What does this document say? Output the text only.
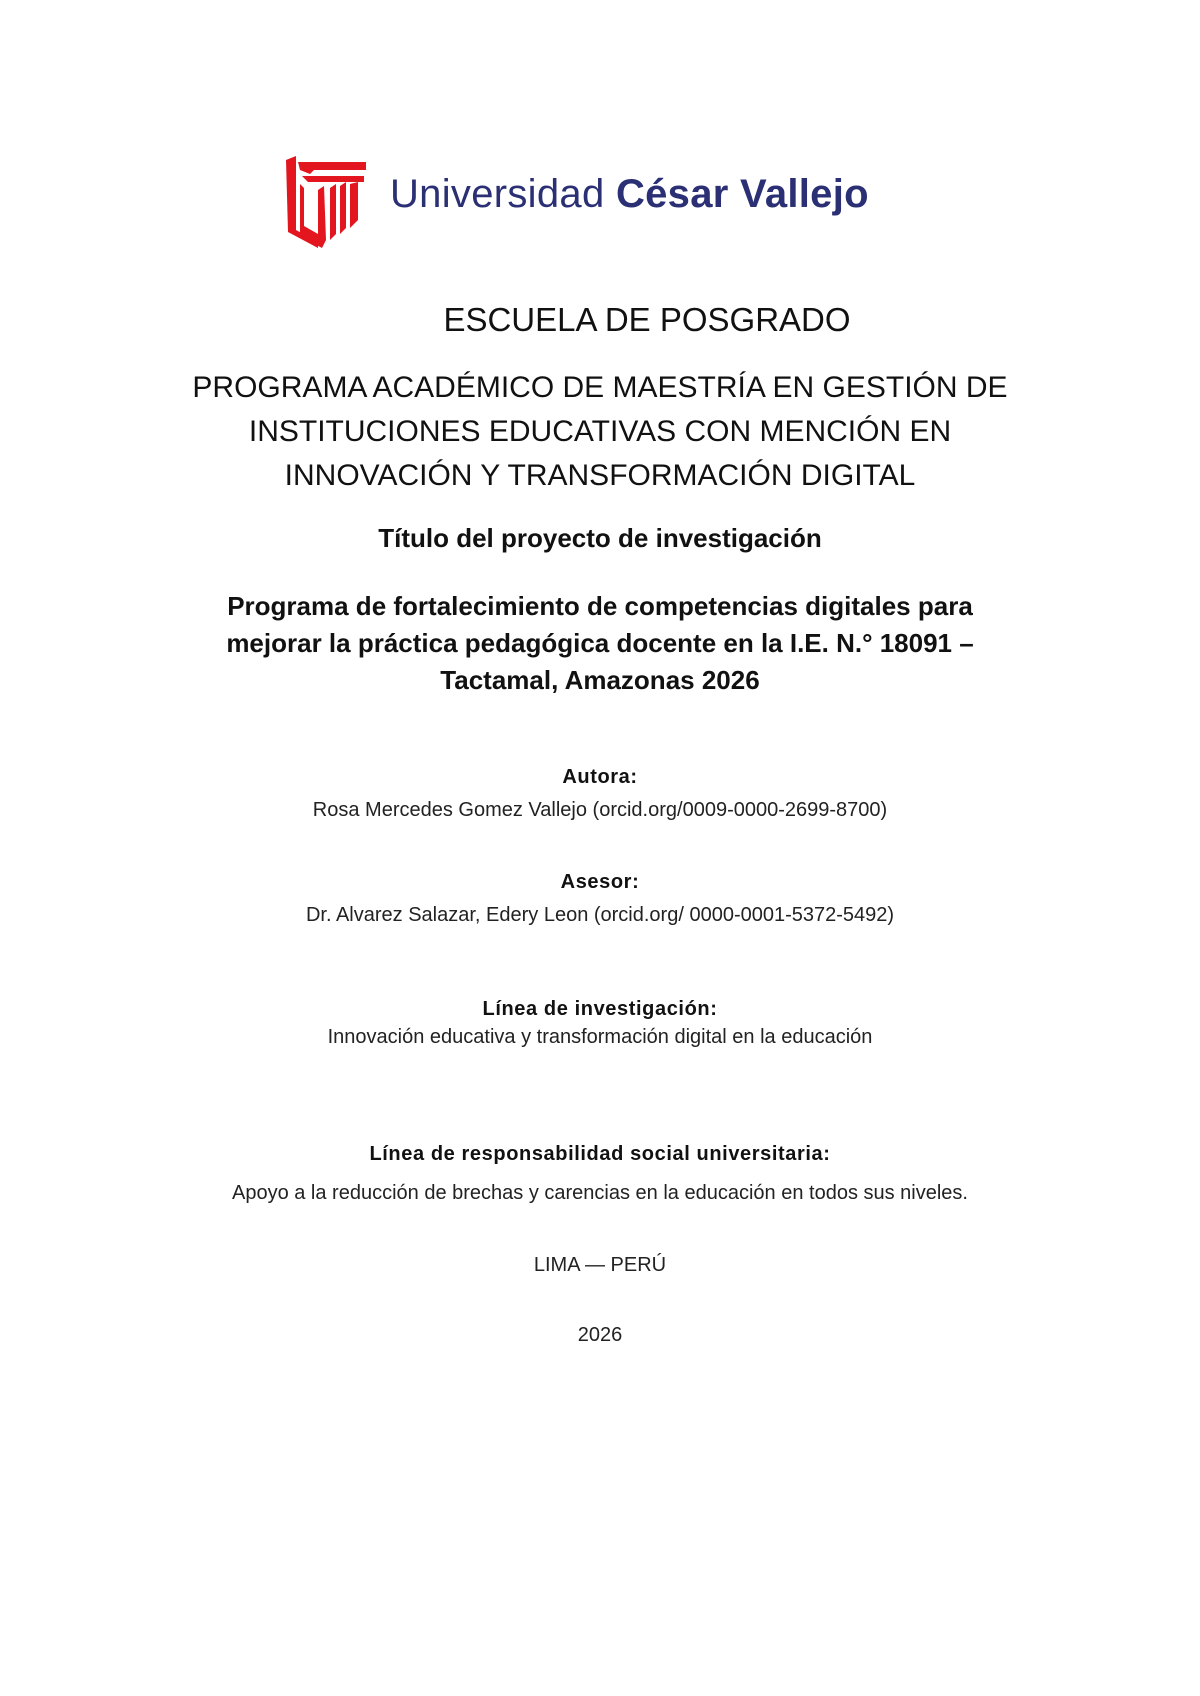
Universidad César Vallejo
ESCUELA DE POSGRADO
PROGRAMA ACADÉMICO DE MAESTRÍA EN GESTIÓN DE
INSTITUCIONES EDUCATIVAS CON MENCIÓN EN
INNOVACIÓN Y TRANSFORMACIÓN DIGITAL
Título del proyecto de investigación
Programa de fortalecimiento de competencias digitales para
mejorar la práctica pedagógica docente en la I.E. N.° 18091 –
Tactamal, Amazonas 2026
Autora:
Rosa Mercedes Gomez Vallejo (orcid.org/0009-0000-2699-8700)
Asesor:
Dr. Alvarez Salazar, Edery Leon (orcid.org/ 0000-0001-5372-5492)
Línea de investigación:
Innovación educativa y transformación digital en la educación
Línea de responsabilidad social universitaria:
Apoyo a la reducción de brechas y carencias en la educación en todos sus niveles.
LIMA — PERÚ
2026
